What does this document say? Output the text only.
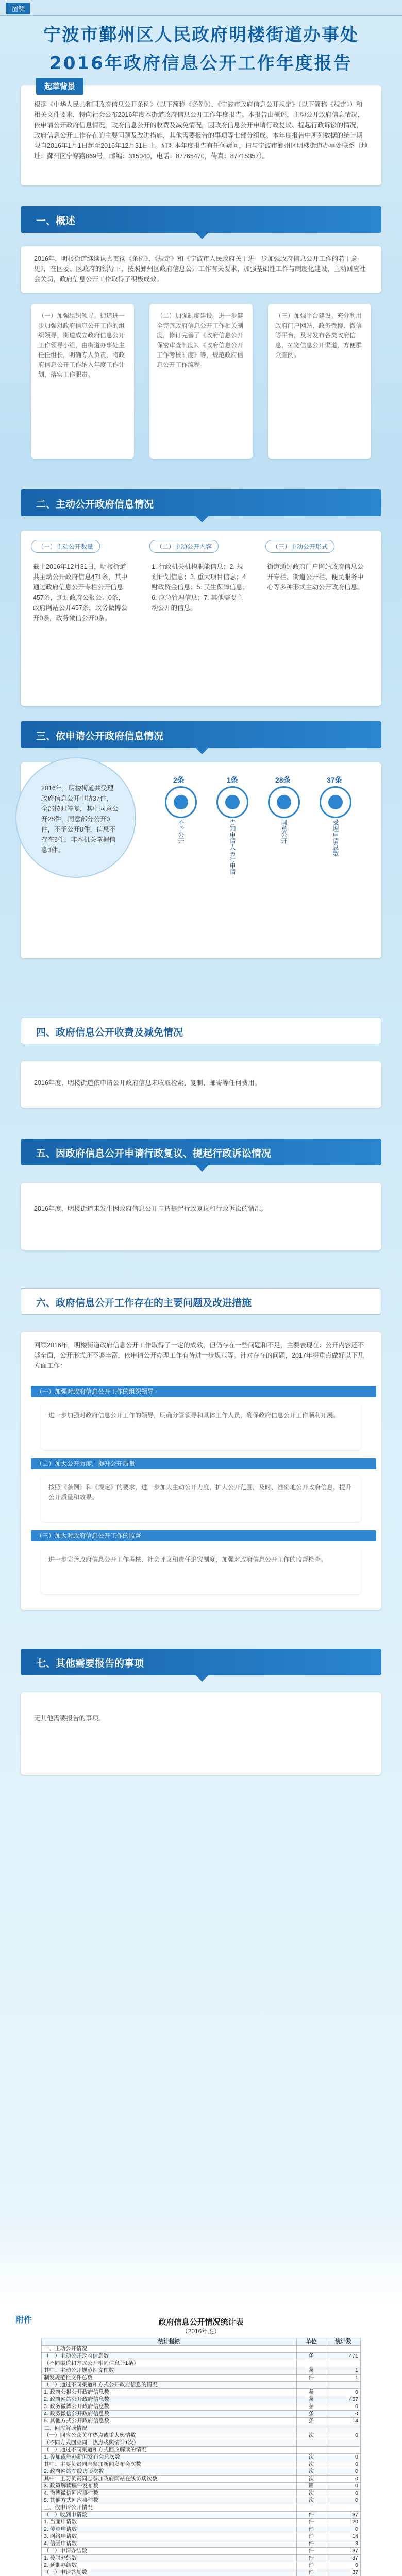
图解
宁波市鄞州区人民政府明楼街道办事处
2016年政府信息公开工作年度报告
起草背景

根据《中华人民共和国政府信息公开条例》（以下简称《条例》）、《宁波市政府信息公开规定》（以下简称《规定》）和相关文件要求，特向社会公布2016年度本街道政府信息公开工作年度报告。本报告由概述，主动公开政府信息情况，依申请公开政府信息情况，政府信息公开的收费及减免情况，因政府信息公开申请行政复议、提起行政诉讼的情况，政府信息公开工作存在的主要问题及改进措施，其他需要报告的事项等七部分组成。本年度报告中所列数据的统计期限自2016年1月1日起至2016年12月31日止。如对本年度报告有任何疑问，请与宁波市鄞州区明楼街道办事处联系（地址：鄞州区宁穿路869号，邮编：315040，电话：87765470，传真：87715357）。

一、概述

2016年，明楼街道继续认真贯彻《条例》、《规定》和《宁波市人民政府关于进一步加强政府信息公开工作的若干意见》，在区委、区政府的领导下，按照鄞州区政府信息公开工作有关要求，加强基础性工作与制度化建设，主动回应社会关切，政府信息公开工作取得了积极成效。

（一）加强组织领导。街道进一步加强对政府信息公开工作的组织领导，街道成立政府信息公开工作领导小组，由街道办事处主任任组长，明确专人负责，将政府信息公开工作纳入年度工作计划，落实工作职责。

（二）加强制度建设。进一步健全完善政府信息公开工作相关制度，修订完善了《政府信息公开保密审查制度》、《政府信息公开工作考核制度》等，规范政府信息公开工作流程。

（三）加强平台建设。充分利用政府门户网站、政务微博、微信等平台，及时发布各类政府信息，拓宽信息公开渠道，方便群众查阅。

二、主动公开政府信息情况
（一）主动公开数量	（二）主动公开内容	（三）主动公开形式

截止2016年12月31日，明楼街道共主动公开政府信息471条，其中通过政府信息公开专栏公开信息457条，通过政府公报公开0条，政府网站公开457条，政务微博公开0条，政务微信公开0条。

1. 行政机关机构职能信息；2. 规划计划信息；3. 重大项目信息；4. 财政资金信息；5. 民生保障信息；6. 应急管理信息；7. 其他需要主动公开的信息。

街道通过政府门户网站政府信息公开专栏、街道公开栏、便民服务中心等多种形式主动公开政府信息。

三、依申请公开政府信息情况

2016年，明楼街道共受理政府信息公开申请37件，全部按时答复，其中同意公开28件，同意部分公开0件，不予公开0件，信息不存在6件，非本机关掌握信息3件。

2条
不予公开
1条
告知申请人另行申请
28条
同意公开
37条
受理申请总数
四、政府信息公开收费及减免情况

2016年度，明楼街道依申请公开政府信息未收取检索、复制、邮寄等任何费用。

五、因政府信息公开申请行政复议、提起行政诉讼情况

2016年度，明楼街道未发生因政府信息公开申请提起行政复议和行政诉讼的情况。

六、政府信息公开工作存在的主要问题及改进措施

回顾2016年，明楼街道政府信息公开工作取得了一定的成效，但仍存在一些问题和不足，主要表现在：公开内容还不够全面，公开形式还不够丰富，依申请公开办理工作有待进一步规范等。针对存在的问题，2017年将重点做好以下几方面工作：

（一）加强对政府信息公开工作的组织领导

进一步加强对政府信息公开工作的领导，明确分管领导和具体工作人员，确保政府信息公开工作顺利开展。

（二）加大公开力度，提升公开质量

按照《条例》和《规定》的要求，进一步加大主动公开力度，扩大公开范围，及时、准确地公开政府信息，提升公开质量和效果。

（三）加大对政府信息公开工作的监督

进一步完善政府信息公开工作考核、社会评议和责任追究制度，加强对政府信息公开工作的监督检查。

七、其他需要报告的事项

无其他需要报告的事项。

附件	政府信息公开情况统计表
（2016年度）
统计指标	单位	统计数
一、主动公开情况		
（一）主动公开政府信息数	条	471
（不同渠道和方式公开相同信息计1条）		
其中：主动公开规范性文件数	条	1
制发规范性文件总数	件	1
（二）通过不同渠道和方式公开政府信息的情况		
1. 政府公报公开政府信息数	条	0
2. 政府网站公开政府信息数	条	457
3. 政务微博公开政府信息数	条	0
4. 政务微信公开政府信息数	条	0
5. 其他方式公开政府信息数	条	14
二、回应解读情况		
（一）回应公众关注热点或重大舆情数	次	0
（不同方式回应同一热点或舆情计1次）		
（二）通过不同渠道和方式回应解读的情况		
1. 参加或举办新闻发布会总次数	次	0
其中：主要负责同志参加新闻发布会次数	次	0
2. 政府网站在线访谈次数	次	0
其中：主要负责同志参加政府网站在线访谈次数	次	0
3. 政策解读稿件发布数	篇	0
4. 微博微信回应事件数	次	0
5. 其他方式回应事件数	次	0
三、依申请公开情况		
（一）收到申请数	件	37
1. 当面申请数	件	20
2. 传真申请数	件	0
3. 网络申请数	件	14
4. 信函申请数	件	3
（二）申请办结数	件	37
1. 按时办结数	件	37
2. 延期办结数	件	0
（三）申请答复数	件	37
